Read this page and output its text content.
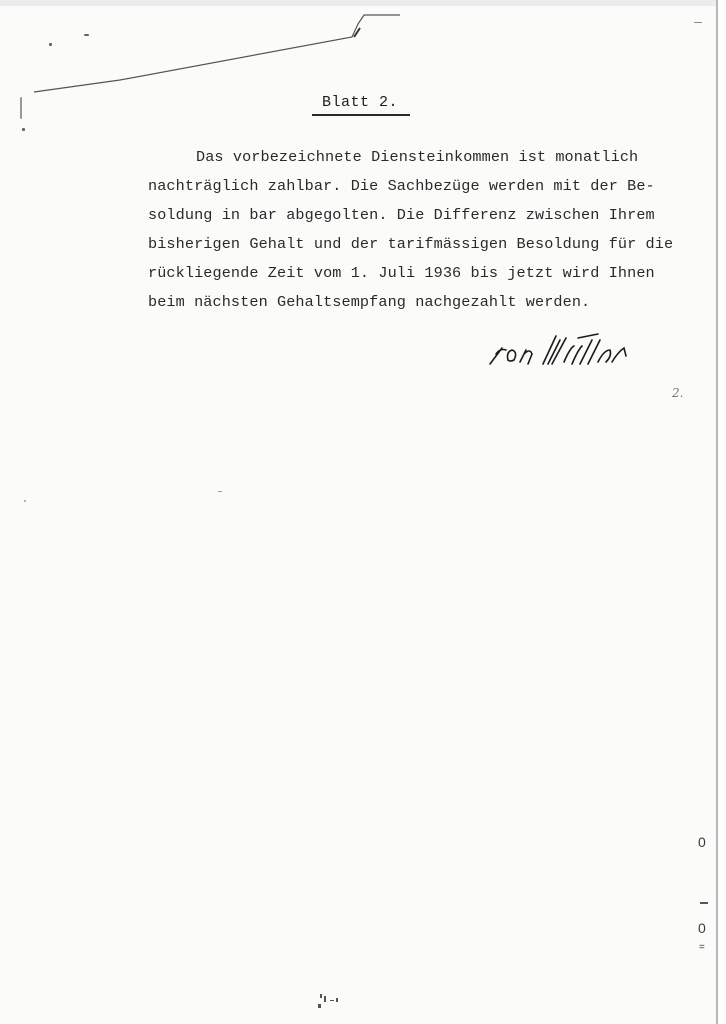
Blatt 2.
Das vorbezeichnete Diensteinkommen ist monatlich
nachträglich zahlbar. Die Sachbezüge werden mit der Be-
soldung in bar abgegolten. Die Differenz zwischen Ihrem
bisherigen Gehalt und der tarifmässigen Besoldung für die
rückliegende Zeit vom 1. Juli 1936 bis jetzt wird Ihnen
beim nächsten Gehaltsempfang nachgezahlt werden.
2.
0
0
=
